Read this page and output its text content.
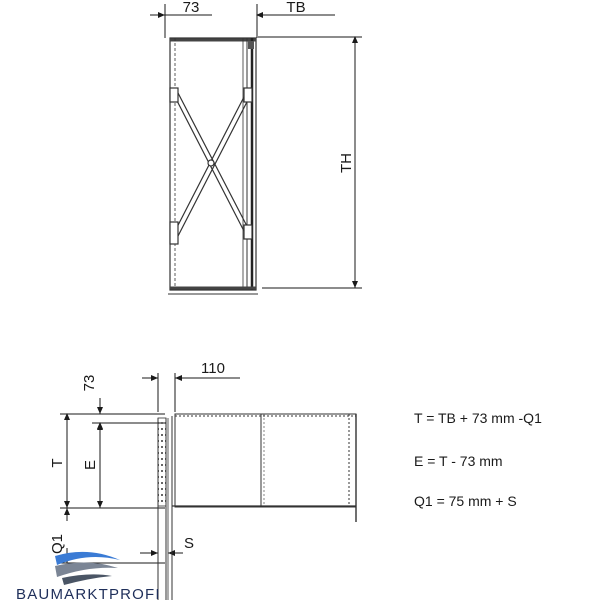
73	TB
TH
110
73
T E
Q1	S
BAUMARKTPROFI
T = TB + 73 mm -Q1
E = T - 73 mm
Q1 = 75 mm + S
